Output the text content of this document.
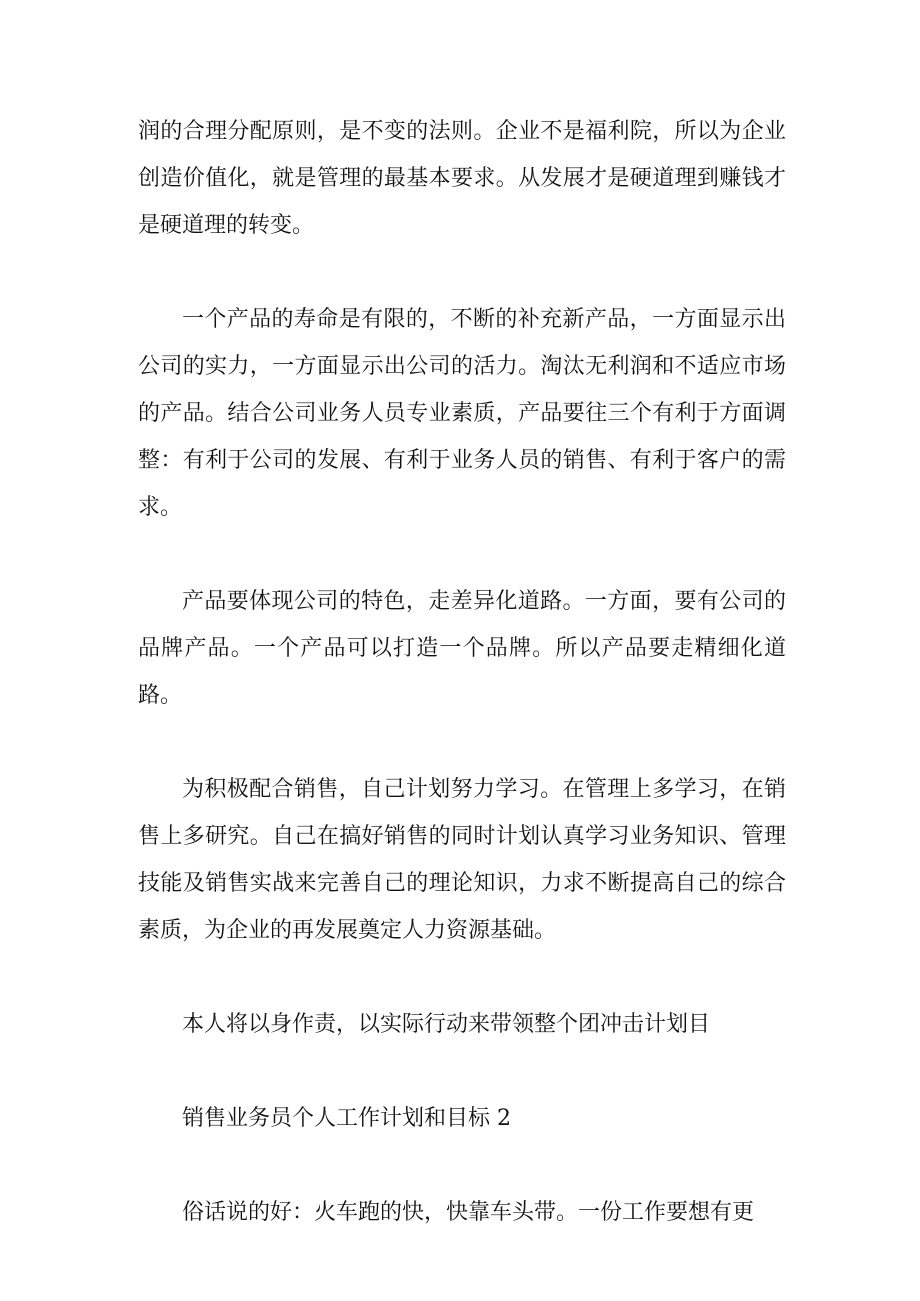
润的合理分配原则，是不变的法则。企业不是福利院，所以为企业创造价值化，就是管理的最基本要求。从发展才是硬道理到赚钱才是硬道理的转变。

一个产品的寿命是有限的，不断的补充新产品，一方面显示出公司的实力，一方面显示出公司的活力。淘汰无利润和不适应市场的产品。结合公司业务人员专业素质，产品要往三个有利于方面调整：有利于公司的发展、有利于业务人员的销售、有利于客户的需求。

产品要体现公司的特色，走差异化道路。一方面，要有公司的品牌产品。一个产品可以打造一个品牌。所以产品要走精细化道路。

为积极配合销售，自己计划努力学习。在管理上多学习，在销售上多研究。自己在搞好销售的同时计划认真学习业务知识、管理技能及销售实战来完善自己的理论知识，力求不断提高自己的综合素质，为企业的再发展奠定人力资源基础。

本人将以身作责，以实际行动来带领整个团冲击计划目

销售业务员个人工作计划和目标 2

俗话说的好：火车跑的快，快靠车头带。一份工作要想有更
